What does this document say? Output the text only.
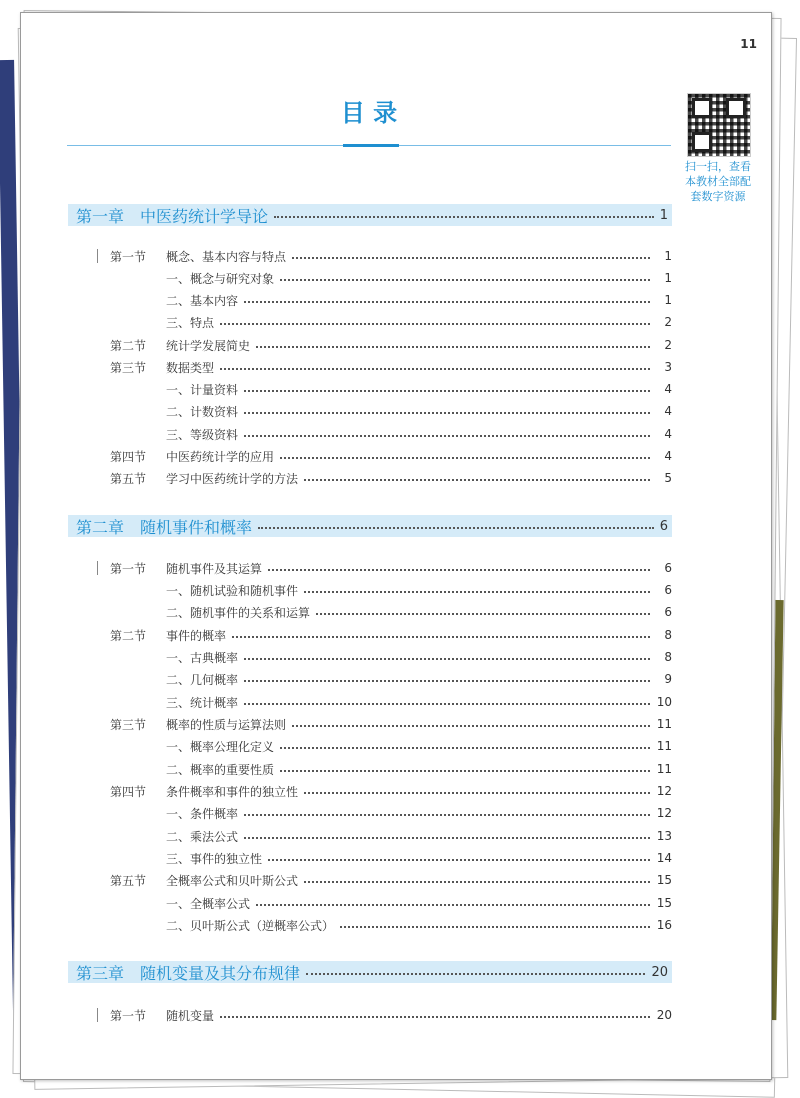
11
目 录
扫一扫，查看本教材全部配套数字资源
第一章 中医药统计学导论	1
第一节	概念、基本内容与特点	1
一、概念与研究对象	1
二、基本内容	1
三、特点	2
第二节	统计学发展简史	2
第三节	数据类型	3
一、计量资料	4
二、计数资料	4
三、等级资料	4
第四节	中医药统计学的应用	4
第五节	学习中医药统计学的方法	5
第二章 随机事件和概率	6
第一节	随机事件及其运算	6
一、随机试验和随机事件	6
二、随机事件的关系和运算	6
第二节	事件的概率	8
一、古典概率	8
二、几何概率	9
三、统计概率	10
第三节	概率的性质与运算法则	11
一、概率公理化定义	11
二、概率的重要性质	11
第四节	条件概率和事件的独立性	12
一、条件概率	12
二、乘法公式	13
三、事件的独立性	14
第五节	全概率公式和贝叶斯公式	15
一、全概率公式	15
二、贝叶斯公式（逆概率公式）	16
第三章 随机变量及其分布规律	20
第一节	随机变量	20
